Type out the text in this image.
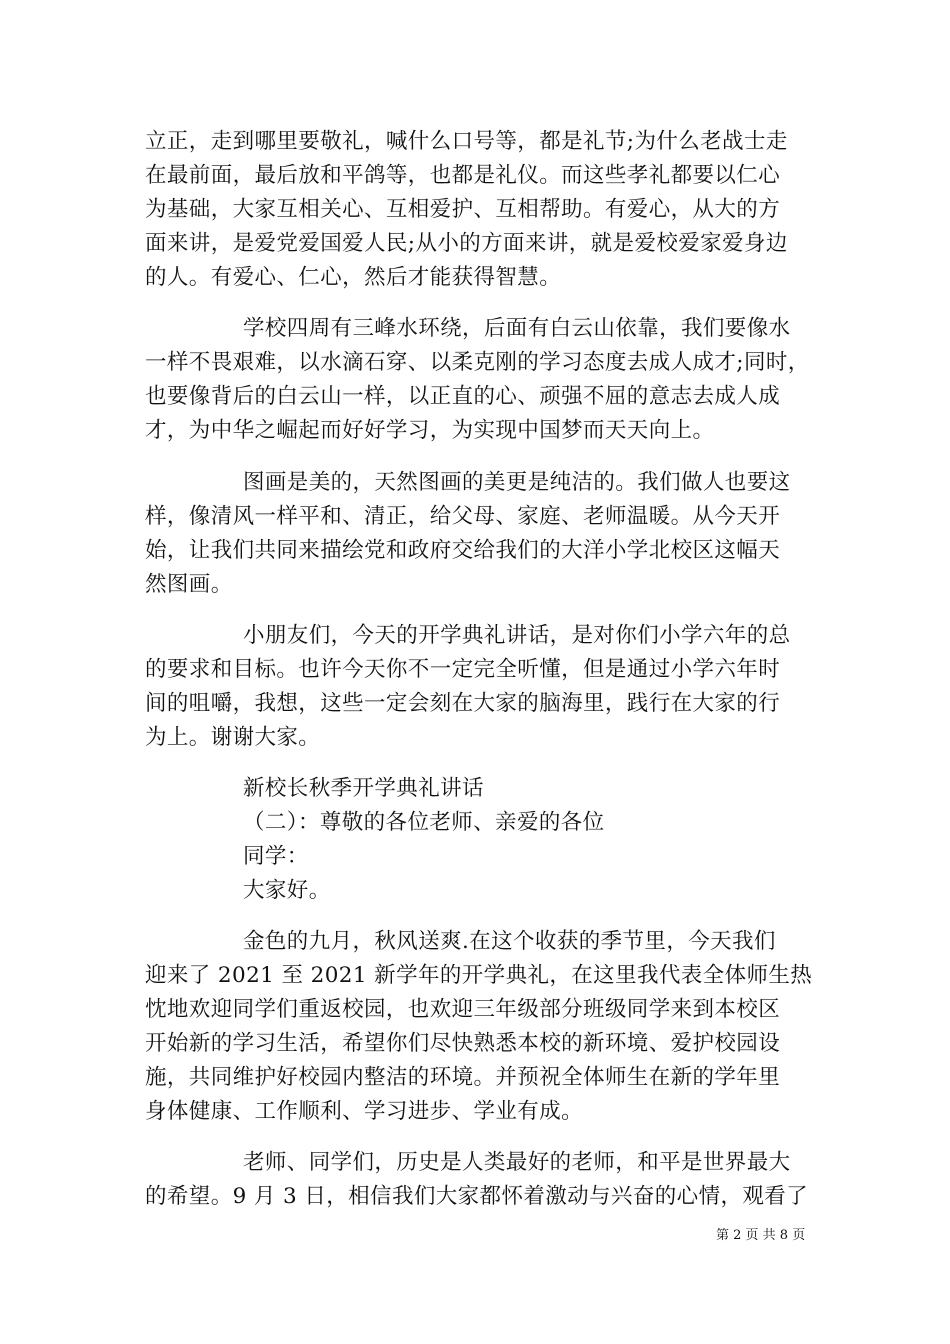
立正，走到哪里要敬礼，喊什么口号等，都是礼节;为什么老战士走
在最前面，最后放和平鸽等，也都是礼仪。而这些孝礼都要以仁心
为基础，大家互相关心、互相爱护、互相帮助。有爱心，从大的方
面来讲，是爱党爱国爱人民;从小的方面来讲，就是爱校爱家爱身边
的人。有爱心、仁心，然后才能获得智慧。
学校四周有三峰水环绕，后面有白云山依靠，我们要像水
一样不畏艰难，以水滴石穿、以柔克刚的学习态度去成人成才;同时，
也要像背后的白云山一样，以正直的心、顽强不屈的意志去成人成
才，为中华之崛起而好好学习，为实现中国梦而天天向上。
图画是美的，天然图画的美更是纯洁的。我们做人也要这
样，像清风一样平和、清正，给父母、家庭、老师温暖。从今天开
始，让我们共同来描绘党和政府交给我们的大洋小学北校区这幅天
然图画。
小朋友们，今天的开学典礼讲话，是对你们小学六年的总
的要求和目标。也许今天你不一定完全听懂，但是通过小学六年时
间的咀嚼，我想，这些一定会刻在大家的脑海里，践行在大家的行
为上。谢谢大家。
新校长秋季开学典礼讲话
（二）：尊敬的各位老师、亲爱的各位
同学：
大家好。
金色的九月，秋风送爽.在这个收获的季节里，今天我们
迎来了 2021 至 2021 新学年的开学典礼，在这里我代表全体师生热
忱地欢迎同学们重返校园，也欢迎三年级部分班级同学来到本校区
开始新的学习生活，希望你们尽快熟悉本校的新环境、爱护校园设
施，共同维护好校园内整洁的环境。并预祝全体师生在新的学年里
身体健康、工作顺利、学习进步、学业有成。
老师、同学们，历史是人类最好的老师，和平是世界最大
的希望。9 月 3 日，相信我们大家都怀着激动与兴奋的心情，观看了
第 2 页 共 8 页
